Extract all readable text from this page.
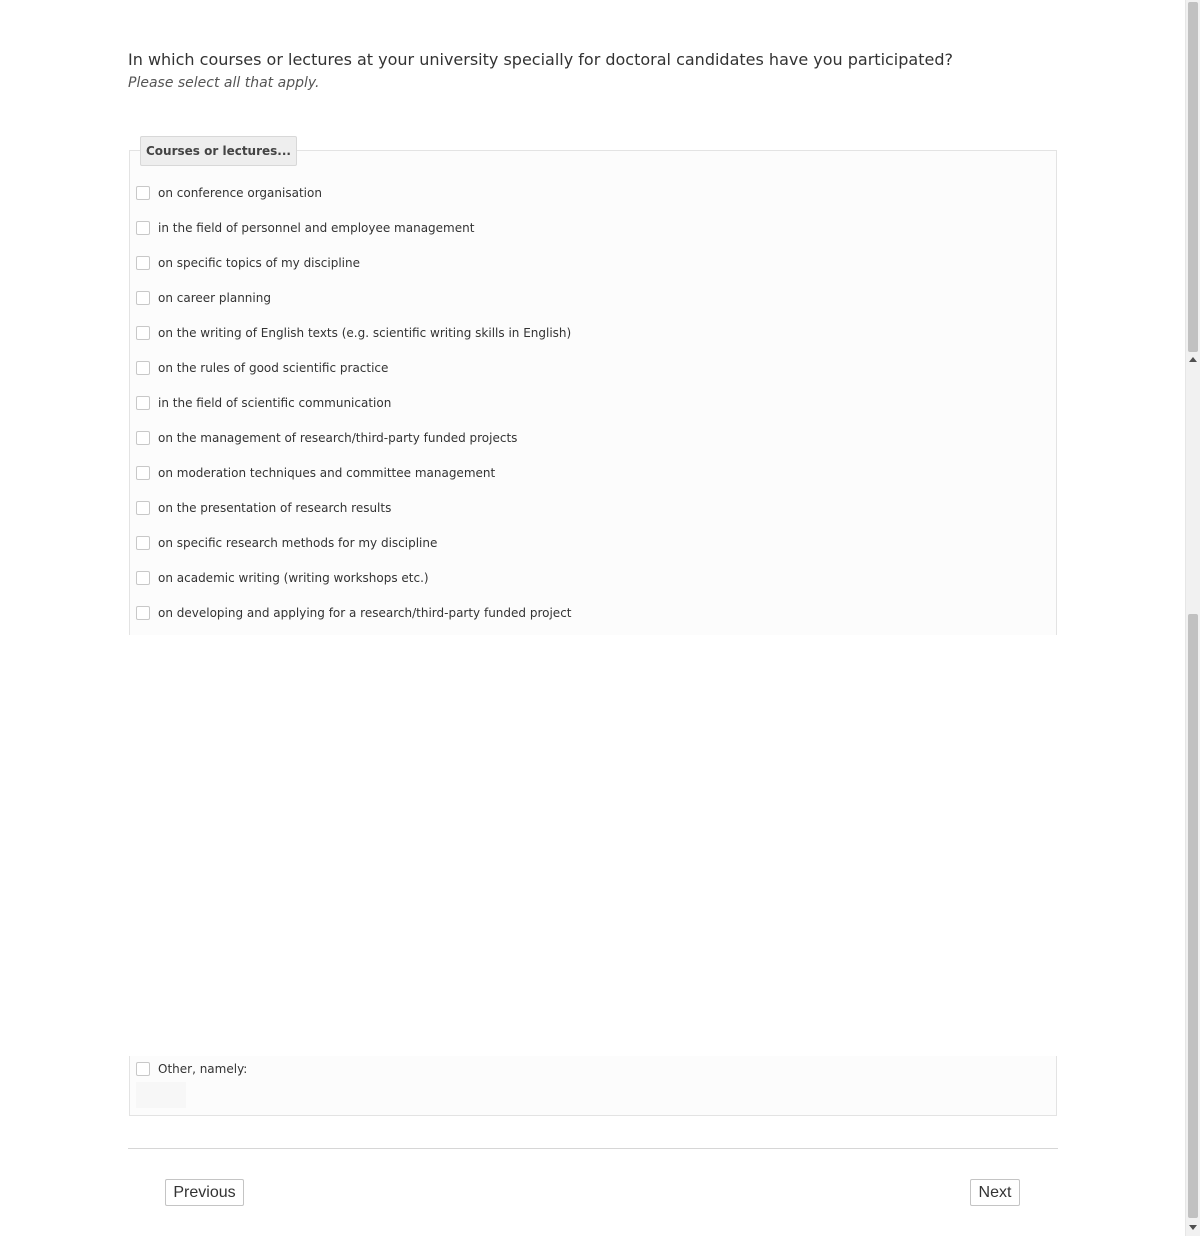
In which courses or lectures at your university specially for doctoral candidates have you participated?
Please select all that apply.
Courses or lectures...
on conference organisation
in the field of personnel and employee management
on specific topics of my discipline
on career planning
on the writing of English texts (e.g. scientific writing skills in English)
on the rules of good scientific practice
in the field of scientific communication
on the management of research/third-party funded projects
on moderation techniques and committee management
on the presentation of research results
on specific research methods for my discipline
on academic writing (writing workshops etc.)
on developing and applying for a research/third-party funded project
Other, namely:
Previous	Next
